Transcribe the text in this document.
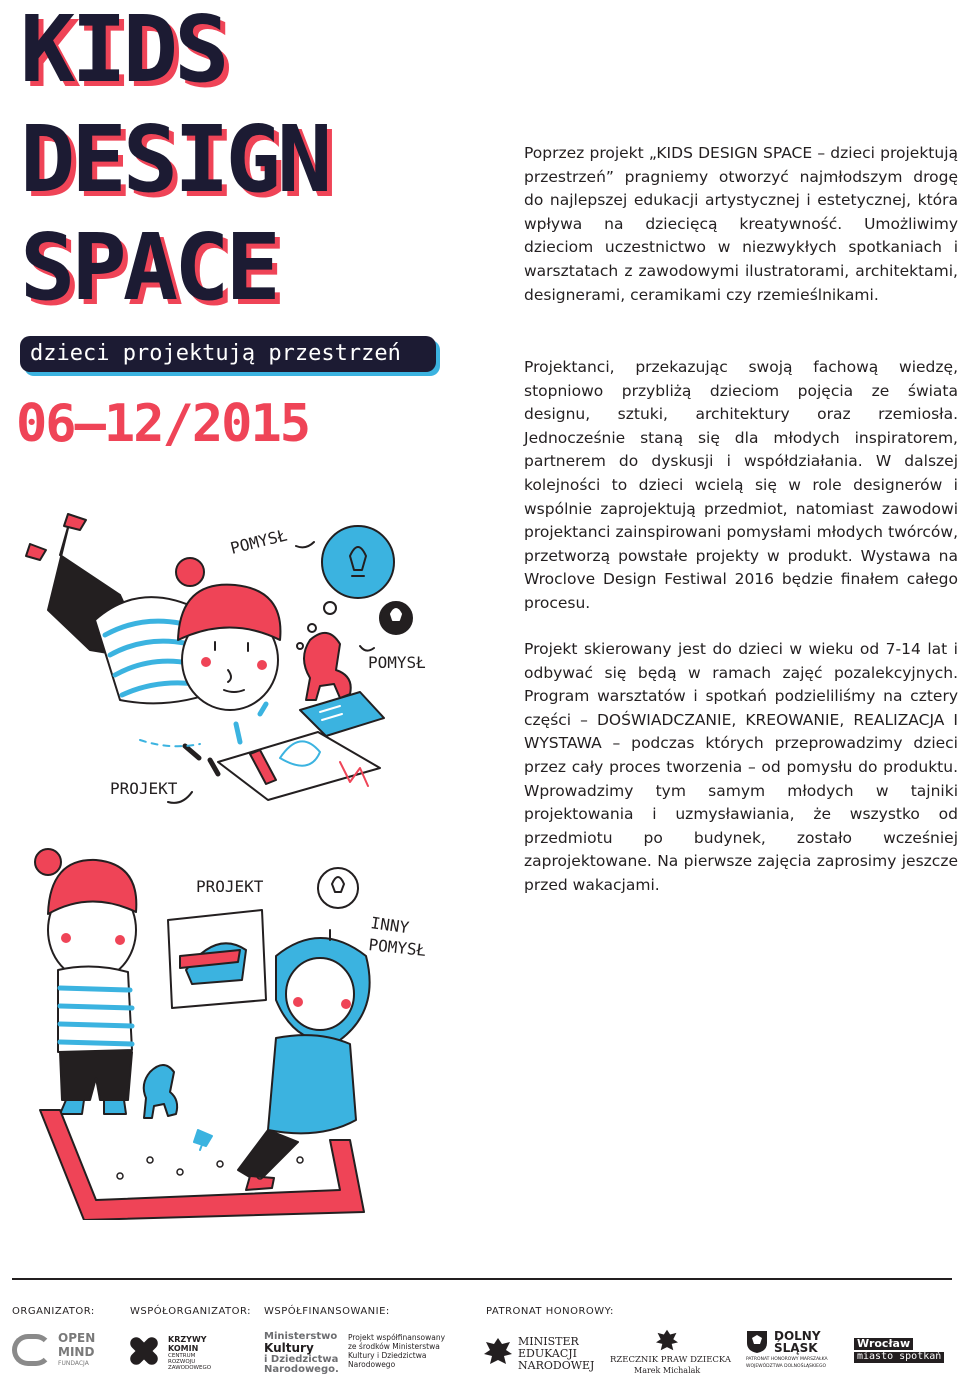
KIDS
DESIGN
SPACE
dzieci projektują przestrzeń

06–12/2015

Poprzez projekt „KIDS DESIGN SPACE – dzieci projektują przestrzeń” pragniemy otworzyć najmłodszym drogę do najlepszej edukacji artystycznej i estetycznej, która wpływa na dziecięcą kreatywność. Umożliwimy dzieciom uczestnictwo w niezwykłych spotkaniach i warsztatach z zawodowymi ilustratorami, architektami, designerami, ceramikami czy rzemieślnikami.

Projektanci, przekazując swoją fachową wiedzę, stopniowo przybliżą dzieciom pojęcia ze świata designu, sztuki, architektury oraz rzemiosła. Jednocześnie staną się dla młodych inspiratorem, partnerem do dyskusji i współdziałania. W dalszej kolejności to dzieci wcielą się w role designerów i wspólnie zaprojektują przedmiot, natomiast zawodowi projektanci zainspirowani pomysłami młodych twórców, przetworzą powstałe projekty w produkt. Wystawa na Wroclove Design Festiwal 2016 będzie finałem całego procesu.

Projekt skierowany jest do dzieci w wieku od 7-14 lat i odbywać się będą w ramach zajęć pozalekcyjnych. Program warsztatów i spotkań podzieliliśmy na cztery części – DOŚWIADCZANIE, KREOWANIE, REALIZACJA I WYSTAWA – podczas których przeprowadzimy dzieci przez cały proces tworzenia – od pomysłu do produktu. Wprowadzimy tym samym młodych w tajniki projektowania i uzmysławiania, że wszystko od przedmiotu po budynek, zostało wcześniej zaprojektowane. Na pierwsze zajęcia zaprosimy jeszcze przed wakacjami.

POMYSŁ
POMYSŁ
PROJEKT
PROJEKT
INNY
POMYSŁ
ORGANIZATOR:	WSPÓŁORGANIZATOR: WSPÓŁFINANSOWANIE:	PATRONAT HONOROWY:
OPEN
MIND
FUNDACJA
KRZYWY
KOMIN
CENTRUM
ROZWOJU
ZAWODOWEGO
Ministerstwo
Kultury
i Dziedzictwa
Narodowego.
Projekt współfinansowany
ze środków Ministerstwa
Kultury i Dziedzictwa
Narodowego
MINISTER
EDUKACJI
NARODOWEJ RZECZNIK PRAW DZIECKA
Marek Michalak
DOLNY
ŚLĄSK
PATRONAT HONOROWY MARSZAŁKA
WOJEWÓDZTWA DOLNOŚLĄSKIEGO
Wrocław
miasto spotkań
